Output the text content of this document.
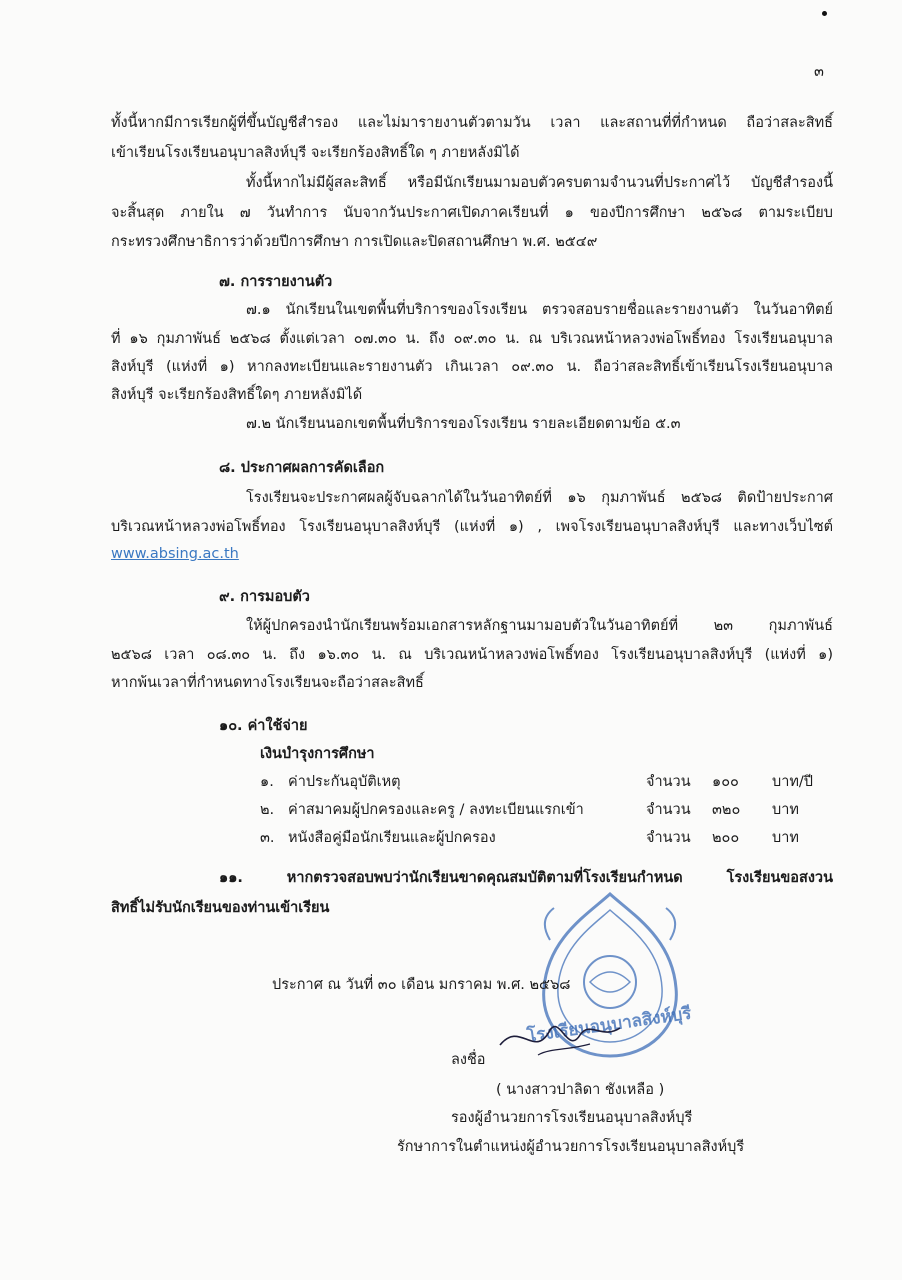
๓
ทั้งนี้หากมีการเรียกผู้ที่ขึ้นบัญชีสำรอง และไม่มารายงานตัวตามวัน เวลา และสถานที่ที่กำหนด ถือว่าสละสิทธิ์
เข้าเรียนโรงเรียนอนุบาลสิงห์บุรี จะเรียกร้องสิทธิ์ใด ๆ ภายหลังมิได้
ทั้งนี้หากไม่มีผู้สละสิทธิ์ หรือมีนักเรียนมามอบตัวครบตามจำนวนที่ประกาศไว้ บัญชีสำรองนี้
จะสิ้นสุด ภายใน ๗ วันทำการ นับจากวันประกาศเปิดภาคเรียนที่ ๑ ของปีการศึกษา ๒๕๖๘ ตามระเบียบ
กระทรวงศึกษาธิการว่าด้วยปีการศึกษา การเปิดและปิดสถานศึกษา พ.ศ. ๒๕๔๙
๗. การรายงานตัว
๗.๑ นักเรียนในเขตพื้นที่บริการของโรงเรียน ตรวจสอบรายชื่อและรายงานตัว ในวันอาทิตย์
ที่ ๑๖ กุมภาพันธ์ ๒๕๖๘ ตั้งแต่เวลา ๐๗.๓๐ น. ถึง ๐๙.๓๐ น. ณ บริเวณหน้าหลวงพ่อโพธิ์ทอง โรงเรียนอนุบาล
สิงห์บุรี (แห่งที่ ๑) หากลงทะเบียนและรายงานตัว เกินเวลา ๐๙.๓๐ น. ถือว่าสละสิทธิ์เข้าเรียนโรงเรียนอนุบาล
สิงห์บุรี จะเรียกร้องสิทธิ์ใดๆ ภายหลังมิได้
๗.๒ นักเรียนนอกเขตพื้นที่บริการของโรงเรียน รายละเอียดตามข้อ ๕.๓
๘. ประกาศผลการคัดเลือก
โรงเรียนจะประกาศผลผู้จับฉลากได้ในวันอาทิตย์ที่ ๑๖ กุมภาพันธ์ ๒๕๖๘ ติดป้ายประกาศ
บริเวณหน้าหลวงพ่อโพธิ์ทอง โรงเรียนอนุบาลสิงห์บุรี (แห่งที่ ๑) , เพจโรงเรียนอนุบาลสิงห์บุรี และทางเว็บไซต์
www.absing.ac.th
๙. การมอบตัว
ให้ผู้ปกครองนำนักเรียนพร้อมเอกสารหลักฐานมามอบตัวในวันอาทิตย์ที่ ๒๓ กุมภาพันธ์
๒๕๖๘ เวลา ๐๘.๓๐ น. ถึง ๑๖.๓๐ น. ณ บริเวณหน้าหลวงพ่อโพธิ์ทอง โรงเรียนอนุบาลสิงห์บุรี (แห่งที่ ๑)
หากพ้นเวลาที่กำหนดทางโรงเรียนจะถือว่าสละสิทธิ์
๑๐. ค่าใช้จ่าย
เงินบำรุงการศึกษา
๑. ค่าประกันอุบัติเหตุ	จำนวน ๑๐๐ บาท/ปี
๒. ค่าสมาคมผู้ปกครองและครู / ลงทะเบียนแรกเข้า	จำนวน ๓๒๐ บาท
๓. หนังสือคู่มือนักเรียนและผู้ปกครอง	จำนวน ๒๐๐ บาท
๑๑. หากตรวจสอบพบว่านักเรียนขาดคุณสมบัติตามที่โรงเรียนกำหนด โรงเรียนขอสงวน
สิทธิ์ไม่รับนักเรียนของท่านเข้าเรียน
โรงเรียนอนุบาลสิงห์บุรี
ประกาศ ณ วันที่ ๓๐ เดือน มกราคม พ.ศ. ๒๕๖๘
ลงชื่อ
( นางสาวปาลิดา ชังเหลือ )
รองผู้อำนวยการโรงเรียนอนุบาลสิงห์บุรี
รักษาการในตำแหน่งผู้อำนวยการโรงเรียนอนุบาลสิงห์บุรี
